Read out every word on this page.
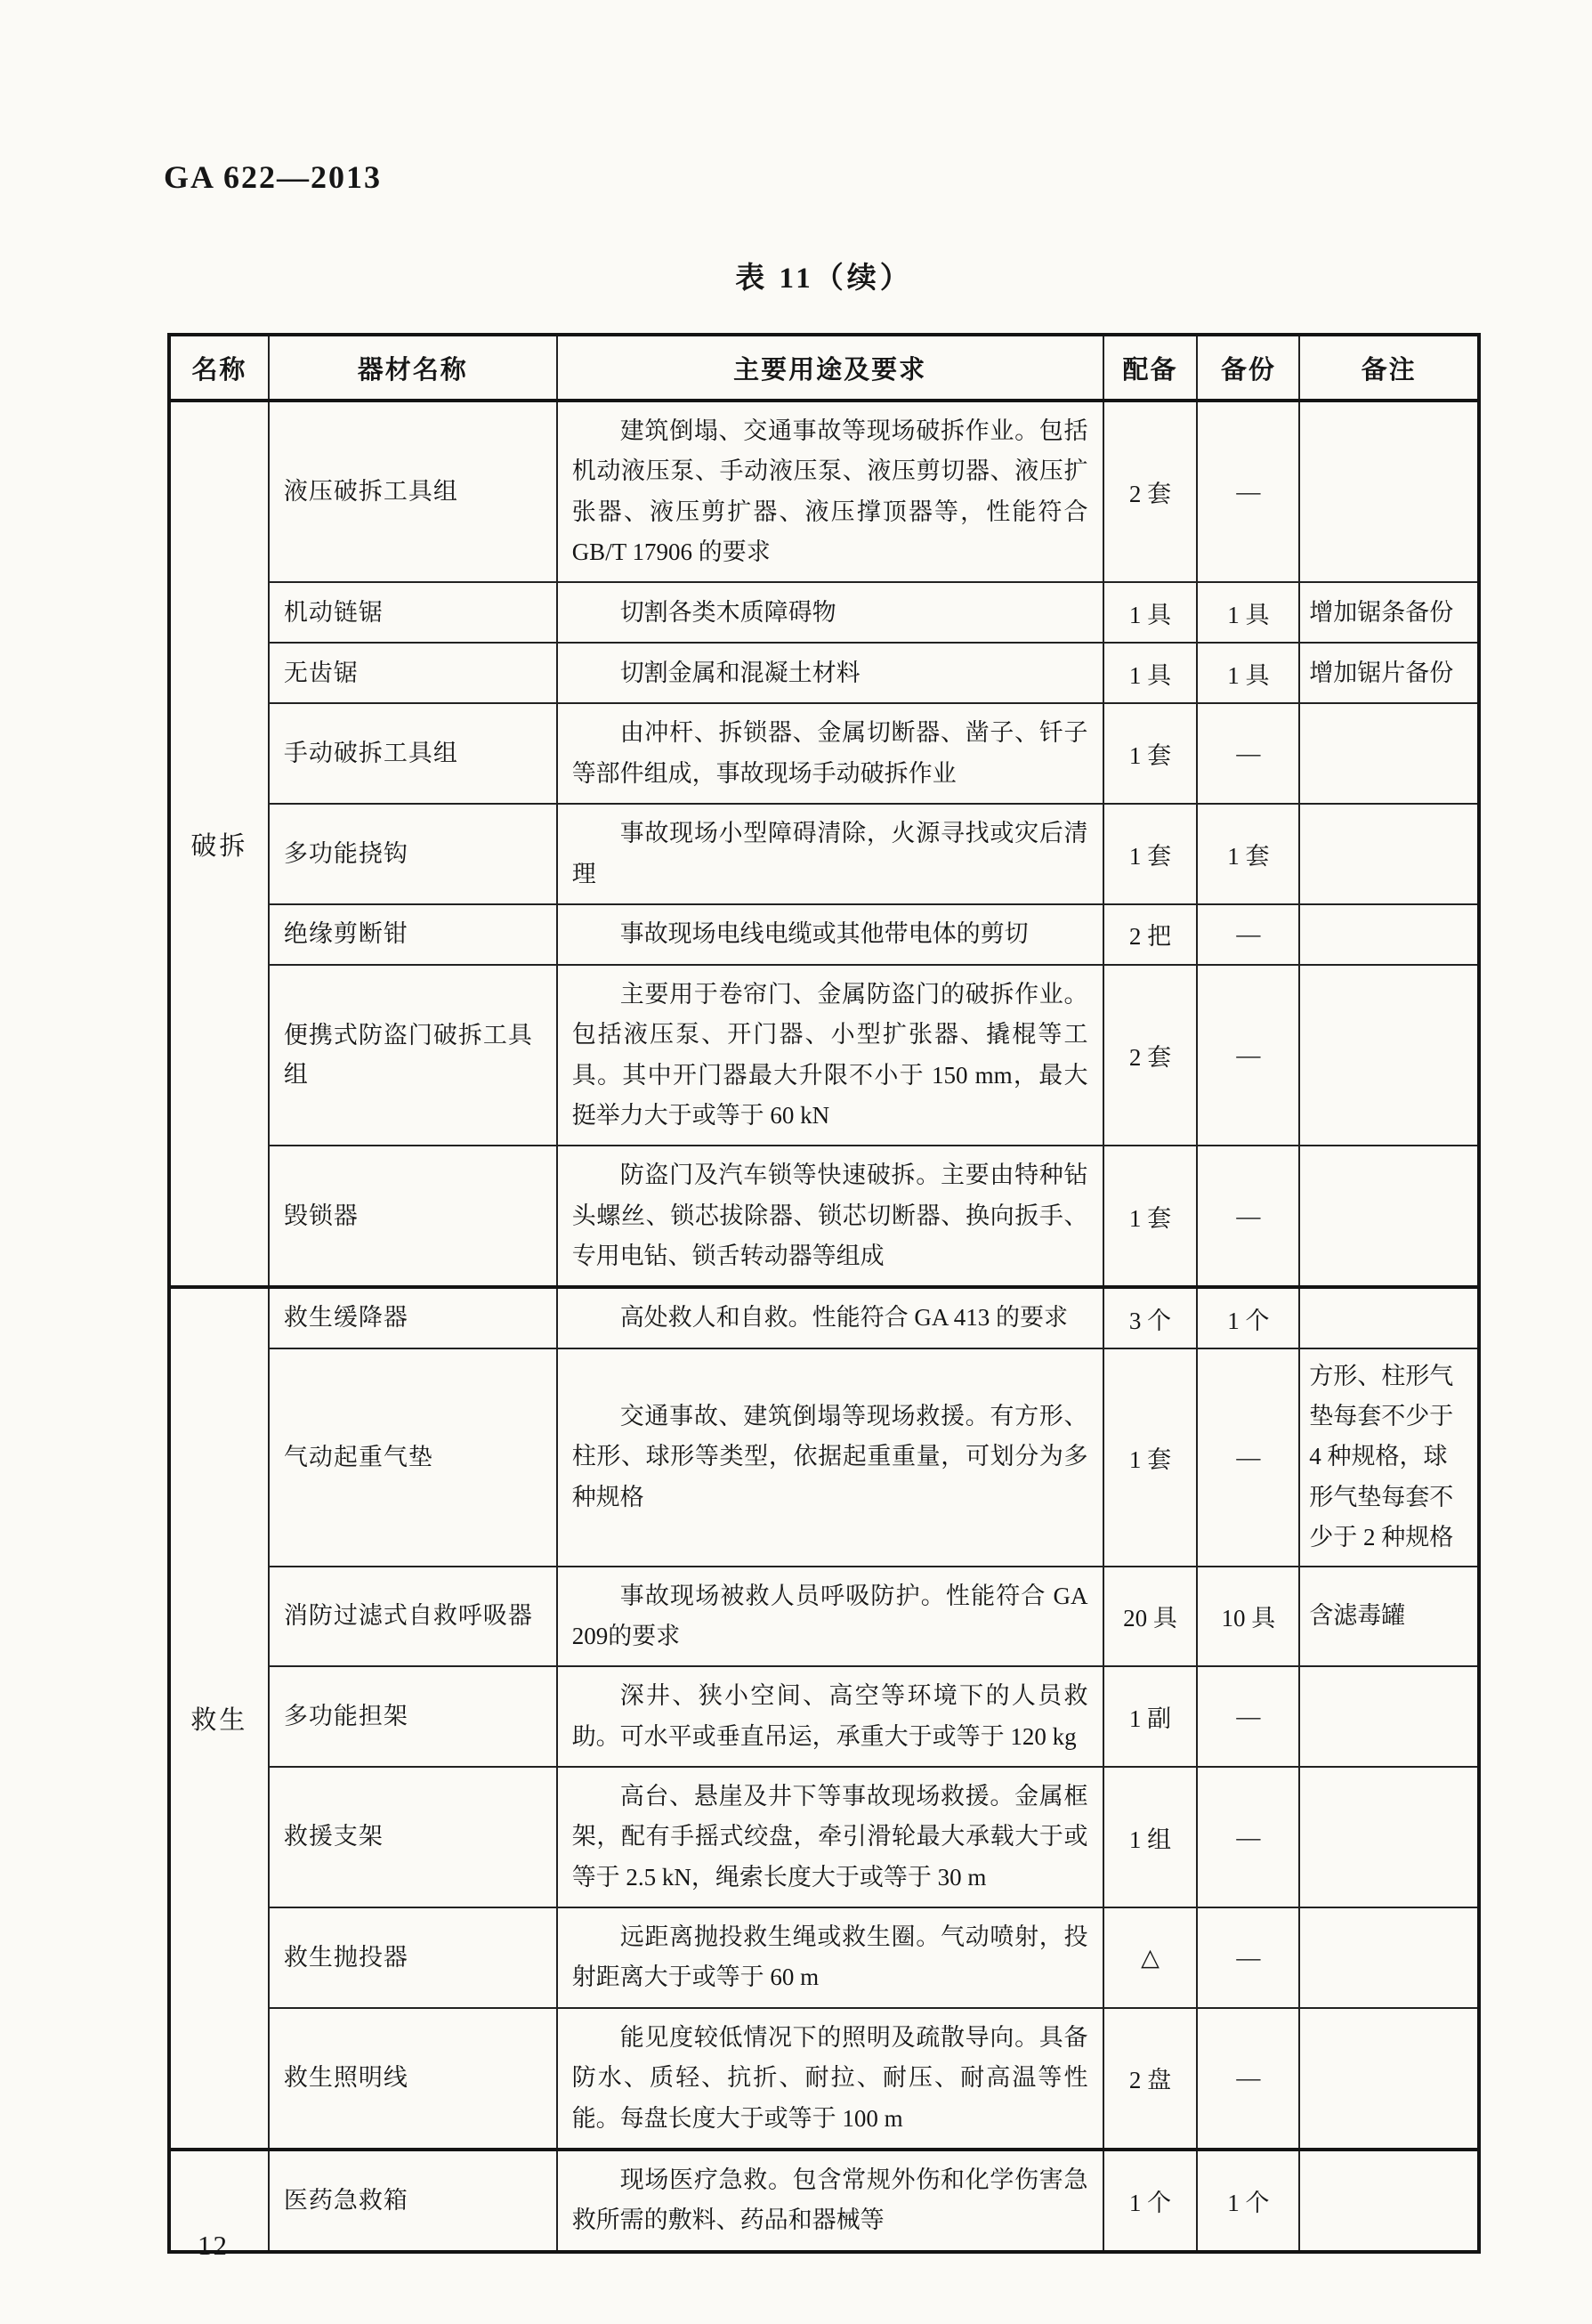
GA 622—2013
表 11（续）
名称	器材名称	主要用途及要求	配备	备份	备注
破拆	液压破拆工具组	建筑倒塌、交通事故等现场破拆作业。包括机动液压泵、手动液压泵、液压剪切器、液压扩张器、液压剪扩器、液压撑顶器等，性能符合GB/T 17906 的要求	2 套	—	
	机动链锯	切割各类木质障碍物	1 具	1 具	增加锯条备份
	无齿锯	切割金属和混凝土材料	1 具	1 具	增加锯片备份
	手动破拆工具组	由冲杆、拆锁器、金属切断器、凿子、钎子等部件组成，事故现场手动破拆作业	1 套	—	
	多功能挠钩	事故现场小型障碍清除，火源寻找或灾后清理	1 套	1 套	
	绝缘剪断钳	事故现场电线电缆或其他带电体的剪切	2 把	—	
	便携式防盗门破拆工具组	主要用于卷帘门、金属防盗门的破拆作业。包括液压泵、开门器、小型扩张器、撬棍等工具。其中开门器最大升限不小于 150 mm，最大挺举力大于或等于 60 kN	2 套	—	
	毁锁器	防盗门及汽车锁等快速破拆。主要由特种钻头螺丝、锁芯拔除器、锁芯切断器、换向扳手、专用电钻、锁舌转动器等组成	1 套	—	
救生	救生缓降器	高处救人和自救。性能符合 GA 413 的要求	3 个	1 个	
	气动起重气垫	交通事故、建筑倒塌等现场救援。有方形、柱形、球形等类型，依据起重重量，可划分为多种规格	1 套	—	方形、柱形气垫每套不少于 4 种规格，球形气垫每套不少于 2 种规格
	消防过滤式自救呼吸器	事故现场被救人员呼吸防护。性能符合 GA 209的要求	20 具	10 具	含滤毒罐
	多功能担架	深井、狭小空间、高空等环境下的人员救助。可水平或垂直吊运，承重大于或等于 120 kg	1 副	—	
	救援支架	高台、悬崖及井下等事故现场救援。金属框架，配有手摇式绞盘，牵引滑轮最大承载大于或等于 2.5 kN，绳索长度大于或等于 30 m	1 组	—	
	救生抛投器	远距离抛投救生绳或救生圈。气动喷射，投射距离大于或等于 60 m	△	—	
	救生照明线	能见度较低情况下的照明及疏散导向。具备防水、质轻、抗折、耐拉、耐压、耐高温等性能。每盘长度大于或等于 100 m	2 盘	—	
	医药急救箱	现场医疗急救。包含常规外伤和化学伤害急救所需的敷料、药品和器械等	1 个	1 个	
12
